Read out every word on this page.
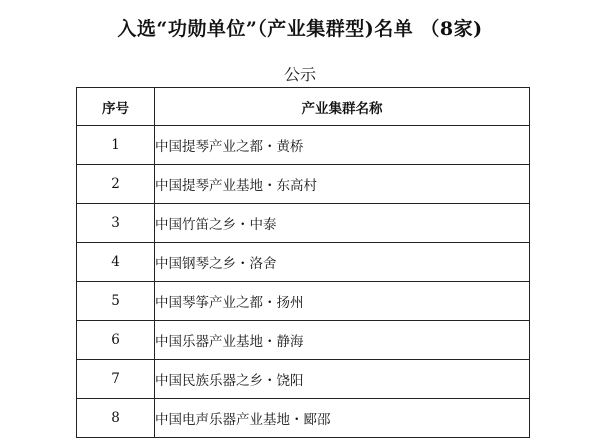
入选“功勋单位”（产业集群型)名单 （8家)
公示
序号	产业集群名称
1	中国提琴产业之都・黄桥
2	中国提琴产业基地・东高村
3	中国竹笛之乡・中泰
4	中国钢琴之乡・洛舍
5	中国琴筝产业之都・扬州
6	中国乐器产业基地・静海
7	中国民族乐器之乡・饶阳
8	中国电声乐器产业基地・郾邵
